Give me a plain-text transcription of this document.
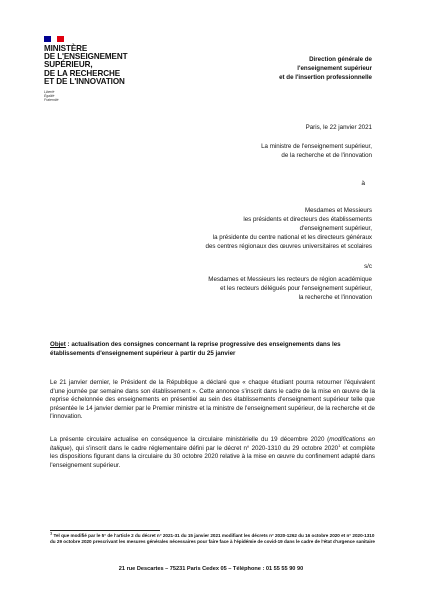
MINISTÈRE
DE L'ENSEIGNEMENT
SUPÉRIEUR,
DE LA RECHERCHE
ET DE L'INNOVATION
Liberté
Égalité
Fraternité
Direction générale de
l'enseignement supérieur
et de l'insertion professionnelle
Paris, le 22 janvier 2021
La ministre de l'enseignement supérieur,
de la recherche et de l'innovation
à
Mesdames et Messieurs
les présidents et directeurs des établissements
d'enseignement supérieur,
la présidente du centre national et les directeurs généraux
des centres régionaux des œuvres universitaires et scolaires
s/c
Mesdames et Messieurs les recteurs de région académique
et les recteurs délégués pour l'enseignement supérieur,
la recherche et l'innovation
Objet : actualisation des consignes concernant la reprise progressive des enseignements dans les établissements d'enseignement supérieur à partir du 25 janvier
Le 21 janvier dernier, le Président de la République a déclaré que « chaque étudiant pourra retourner l'équivalent d'une journée par semaine dans son établissement ». Cette annonce s'inscrit dans le cadre de la mise en œuvre de la reprise échelonnée des enseignements en présentiel au sein des établissements d'enseignement supérieur telle que présentée le 14 janvier dernier par le Premier ministre et la ministre de l'enseignement supérieur, de la recherche et de l'innovation.
La présente circulaire actualise en conséquence la circulaire ministérielle du 19 décembre 2020 (modifications en italique), qui s'inscrit dans le cadre réglementaire défini par le décret n° 2020-1310 du 29 octobre 2020$^1$ et complète les dispositions figurant dans la circulaire du 30 octobre 2020 relative à la mise en œuvre du confinement adapté dans l'enseignement supérieur.
1 Tel que modifié par le 5° de l'article 2 du décret n° 2021-31 du 15 janvier 2021 modifiant les décrets n° 2020-1262 du 16 octobre 2020 et n° 2020-1310 du 29 octobre 2020 prescrivant les mesures générales nécessaires pour faire face à l'épidémie de covid-19 dans le cadre de l'état d'urgence sanitaire
21 rue Descartes – 75231 Paris Cedex 05 – Téléphone : 01 55 55 90 90
